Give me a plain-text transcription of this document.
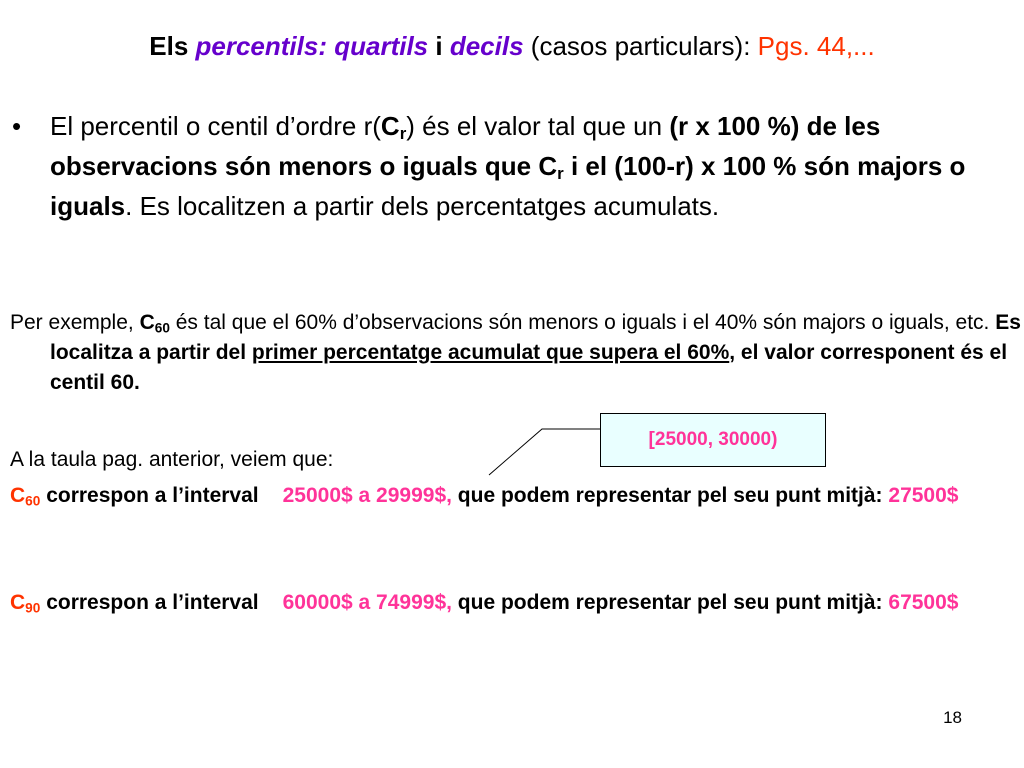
Els percentils: quartils i decils (casos particulars): Pgs. 44,...
• El percentil o centil d’ordre $r(C_r)$ és el valor tal que un (r x 100 %) de les observacions són menors o iguals que $C_r$ i el (100-r) x 100 % són majors o iguals. Es localitzen a partir dels percentatges acumulats.
Per exemple, $C_{60}$ és tal que el 60% d’observacions són menors o iguals i el 40% són majors o iguals, etc. Es localitza a partir del primer percentatge acumulat que supera el 60%, el valor corresponent és el centil 60.
[25000, 30000)
A la taula pag. anterior, veiem que:
$C_{60}$ correspon a l’interval 25000$ a 29999$, que podem representar pel seu punt mitjà: 27500$
$C_{90}$ correspon a l’interval 60000$ a 74999$, que podem representar pel seu punt mitjà: 67500$
18
